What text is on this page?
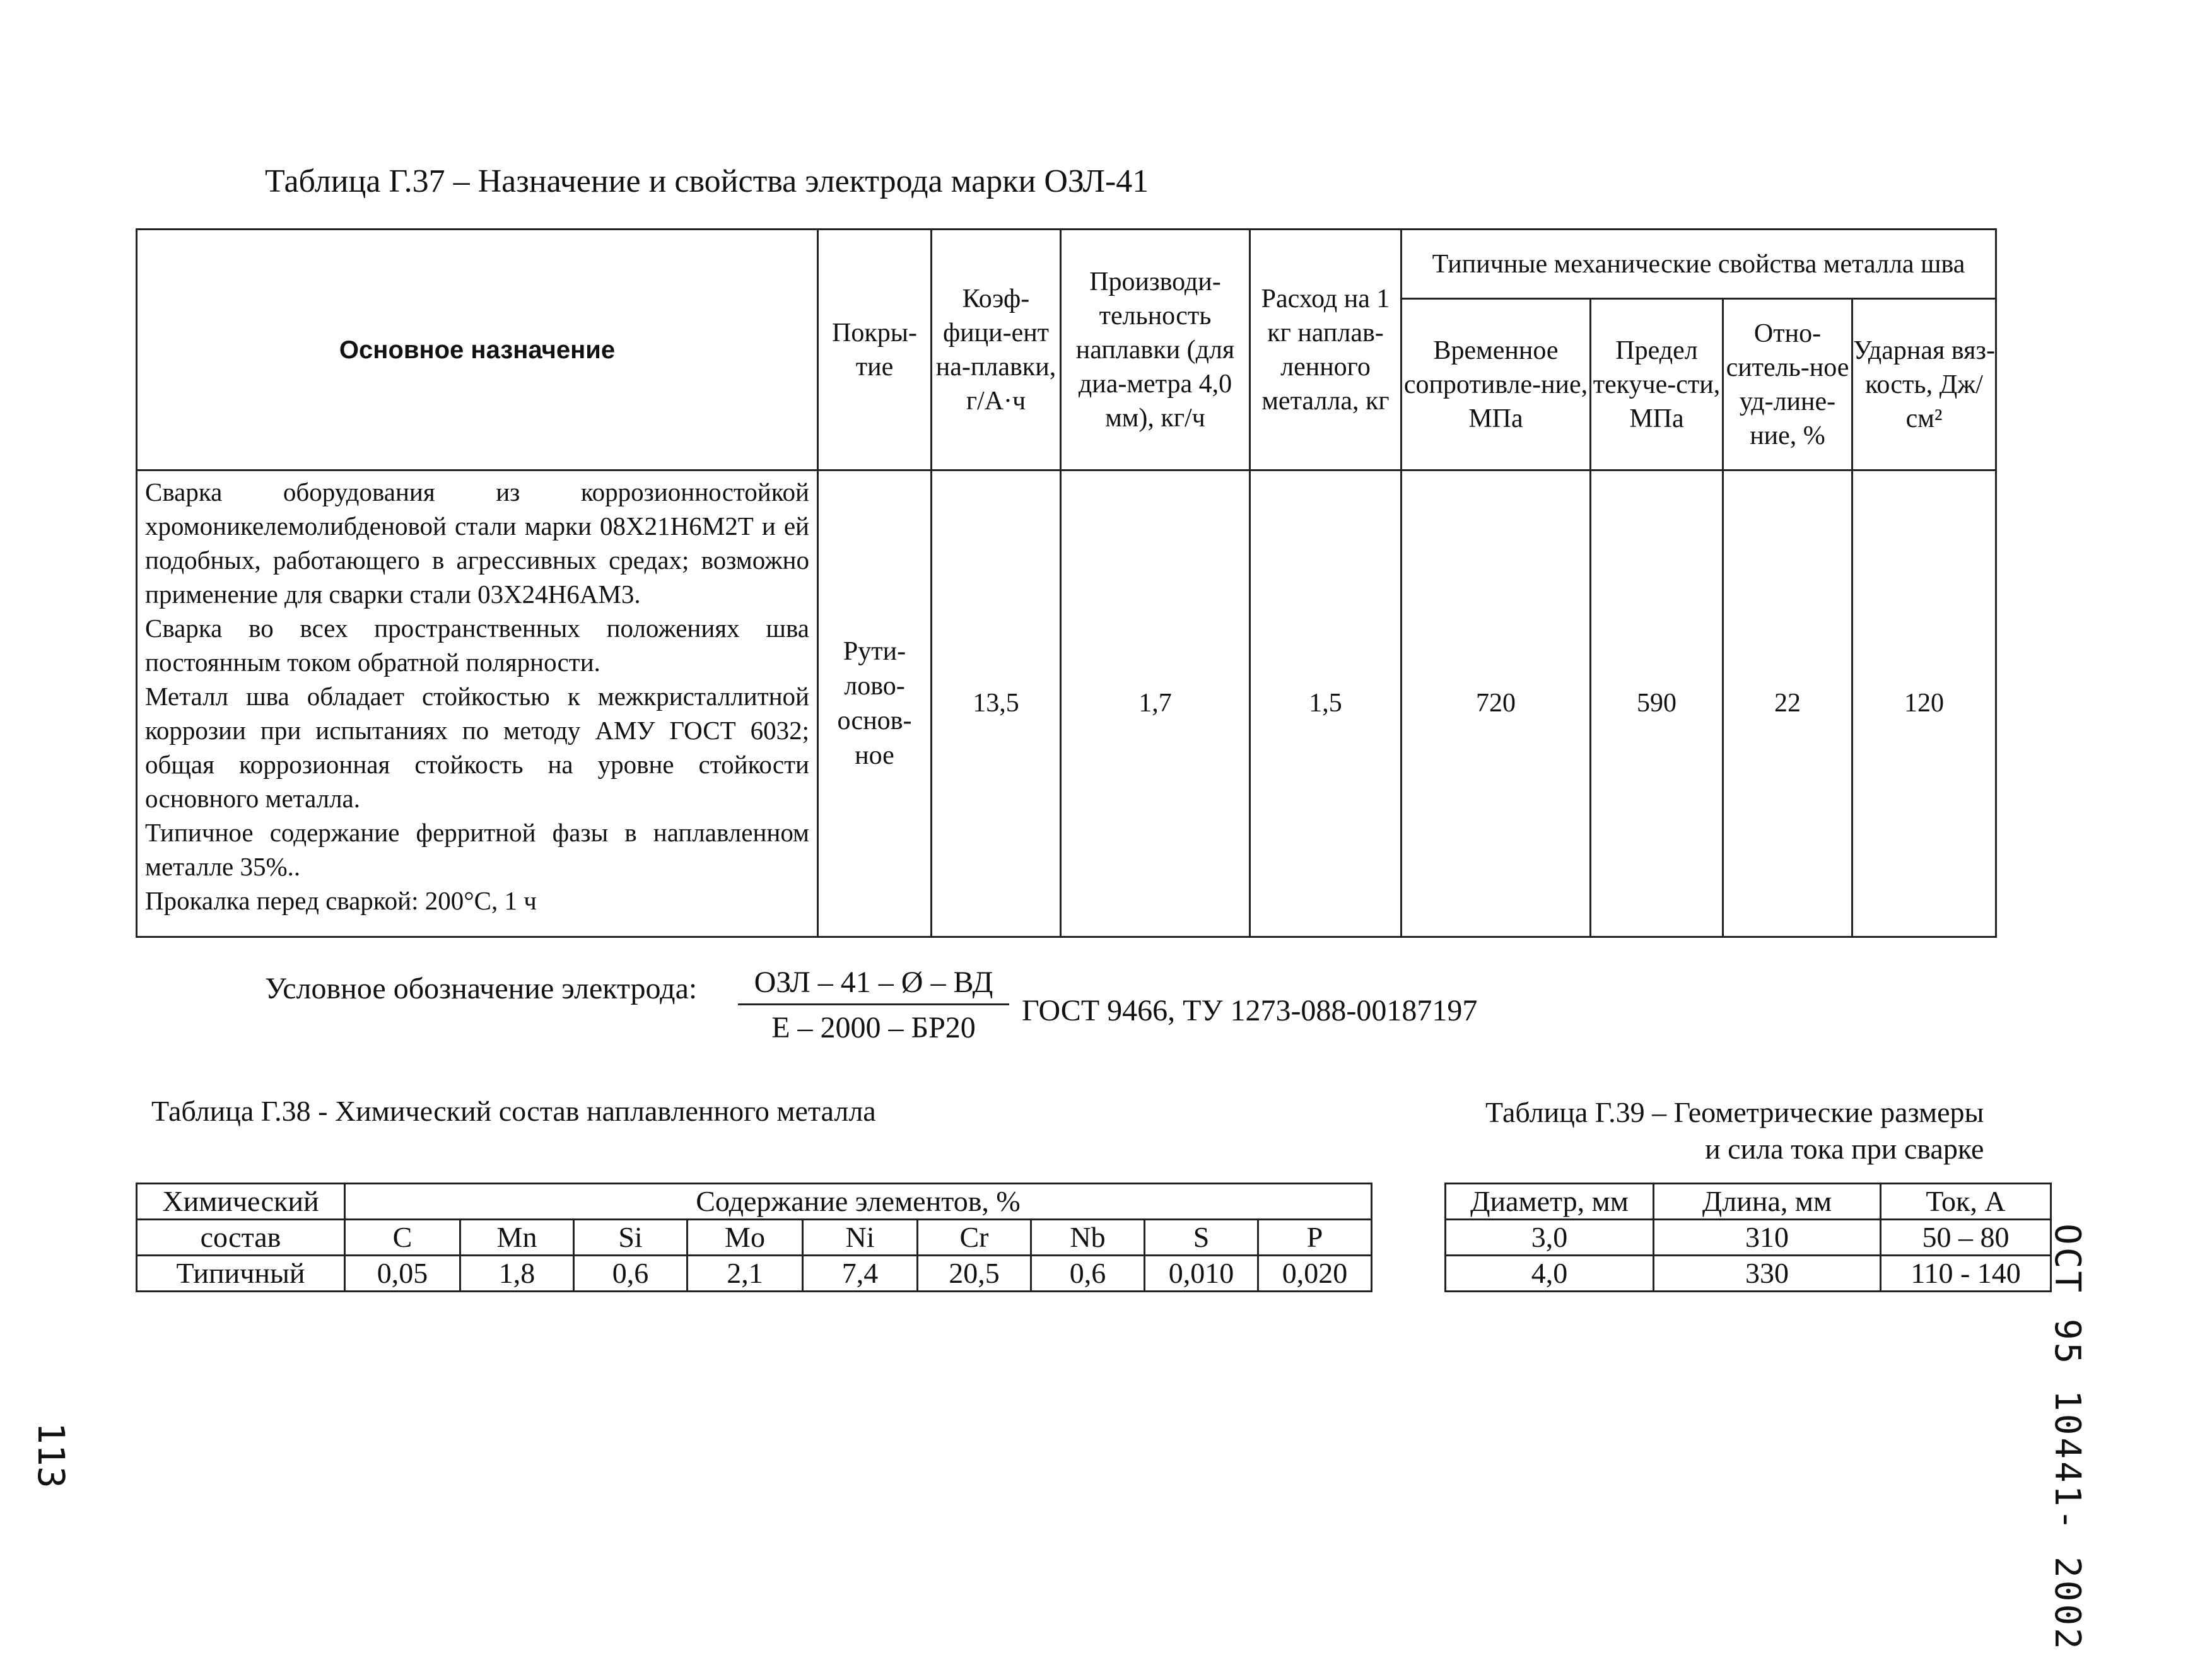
Таблица Г.37 – Назначение и свойства электрода марки ОЗЛ-41
Основное назначение	Покры-тие	Коэф-фици-ент на-плавки, г/А·ч	Производи-тельность наплавки (для диа-метра 4,0 мм), кг/ч	Расход на 1 кг наплав-ленного металла, кг	Типичные механические свойства металла шва			
					Временное сопротивле-ние, МПа	Предел текуче-сти, МПа	Отно-ситель-ное уд-лине-ние, %	Ударная вяз-кость, Дж/см²

Сварка оборудования из коррозионностойкой хромоникелемолибденовой стали марки 08Х21Н6М2Т и ей подобных, работающего в агрессивных средах; возможно применение для сварки стали 03Х24Н6АМ3.

Сварка во всех пространственных положениях шва постоянным током обратной полярности.

Металл шва обладает стойкостью к межкристаллитной коррозии при испытаниях по методу АМУ ГОСТ 6032; общая коррозионная стойкость на уровне стойкости основного металла.

Типичное содержание ферритной фазы в наплавленном металле 35%..

Прокалка перед сваркой: 200°С, 1 ч	Рути-лово-основ-ное	13,5	1,7	1,5	720	590	22	120
Условное обозначение электрода:	ОЗЛ – 41 – Ø – ВД
Е – 2000 – БР20
ГОСТ 9466, ТУ 1273-088-00187197
Таблица Г.38 - Химический состав наплавленного металла	Таблица Г.39 – Геометрические размеры
и сила тока при сварке
Химический	Содержание элементов, %								
состав	C	Mn	Si	Mo	Ni	Cr	Nb	S	P
Типичный	0,05	1,8	0,6	2,1	7,4	20,5	0,6	0,010	0,020
Диаметр, мм	Длина, мм	Ток, А
3,0	310	50 – 80
4,0	330	110 - 140 ОСТ 95 10441- 2002
113
